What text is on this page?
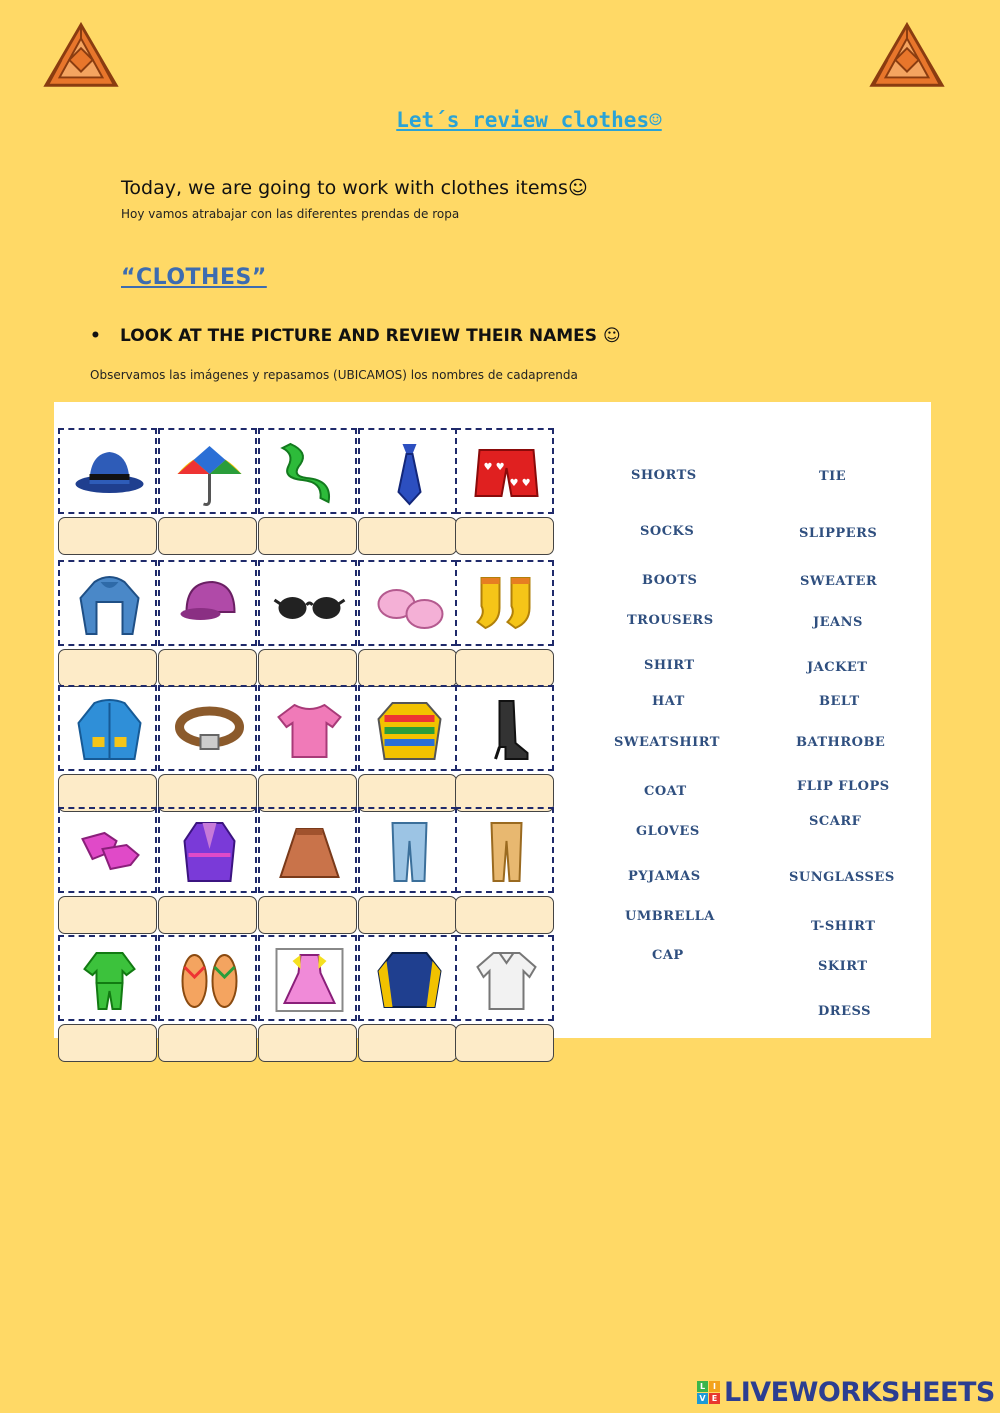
Let´s review clothes☺
Today, we are going to work with clothes items☺
Hoy vamos atrabajar con las diferentes prendas de ropa
“CLOTHES”
• LOOK AT THE PICTURE AND REVIEW THEIR NAMES ☺
Observamos las imágenes y repasamos (UBICAMOS) los nombres de cadaprenda
♥ ♥
♥ ♥
SHORTS
SOCKS
BOOTS
TROUSERS
SHIRT
HAT
SWEATSHIRT
COAT
GLOVES
PYJAMAS
UMBRELLA
CAP
TIE
SLIPPERS
SWEATER
JEANS
JACKET
BELT
BATHROBE
FLIP FLOPS
SCARF
SUNGLASSES
T-SHIRT
SKIRT
DRESS
L I
V E LIVEWORKSHEETS
